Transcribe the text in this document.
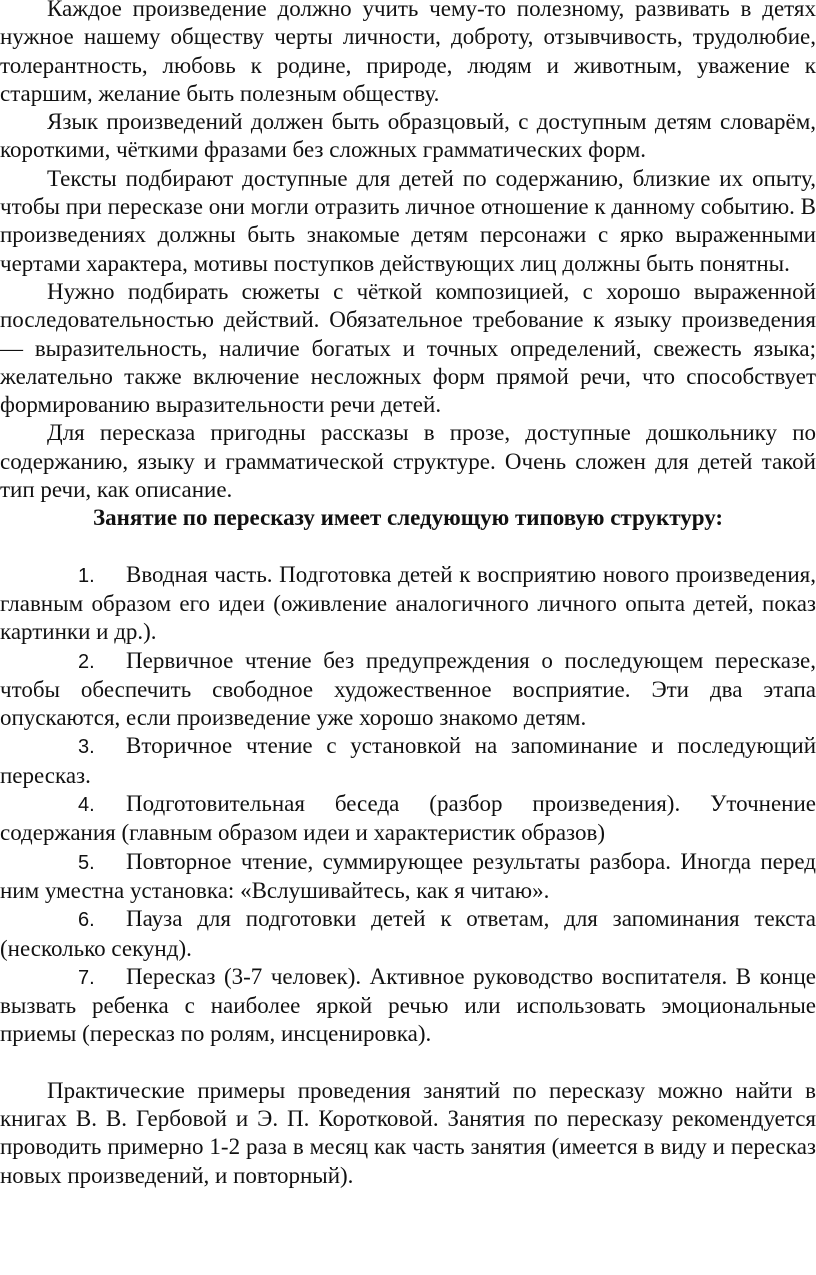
Каждое произведение должно учить чему-то полезному, развивать в детях нужное нашему обществу черты личности, доброту, отзывчивость, трудолюбие, толерантность, любовь к родине, природе, людям и животным, уважение к старшим, желание быть полезным обществу.

Язык произведений должен быть образцовый, с доступным детям словарём, короткими, чёткими фразами без сложных грамматических форм.

Тексты подбирают доступные для детей по содержанию, близкие их опыту, чтобы при пересказе они могли отразить личное отношение к данному событию. В произведениях должны быть знакомые детям персонажи с ярко выраженными чертами характера, мотивы поступков действующих лиц должны быть понятны.

Нужно подбирать сюжеты с чёткой композицией, с хорошо выраженной последовательностью действий. Обязательное требование к языку произведения — выразительность, наличие богатых и точных определений, свежесть языка; желательно также включение несложных форм прямой речи, что способствует формированию выразительности речи детей.

Для пересказа пригодны рассказы в прозе, доступные дошкольнику по содержанию, языку и грамматической структуре. Очень сложен для детей такой тип речи, как описание.

Занятие по пересказу имеет следующую типовую структуру:

1. Вводная часть. Подготовка детей к восприятию нового произведения, главным образом его идеи (оживление аналогичного личного опыта детей, показ картинки и др.).

2. Первичное чтение без предупреждения о последующем пересказе, чтобы обеспечить свободное художественное восприятие. Эти два этапа опускаются, если произведение уже хорошо знакомо детям.

3. Вторичное чтение с установкой на запоминание и последующий пересказ.

4. Подготовительная беседа (разбор произведения). Уточнение содержания (главным образом идеи и характеристик образов)

5. Повторное чтение, суммирующее результаты разбора. Иногда перед ним уместна установка: «Вслушивайтесь, как я читаю».

6. Пауза для подготовки детей к ответам, для запоминания текста (несколько секунд).

7. Пересказ (3-7 человек). Активное руководство воспитателя. В конце вызвать ребенка с наиболее яркой речью или использовать эмоциональные приемы (пересказ по ролям, инсценировка).

Практические примеры проведения занятий по пересказу можно найти в книгах В. В. Гербовой и Э. П. Коротковой. Занятия по пересказу рекомендуется проводить примерно 1-2 раза в месяц как часть занятия (имеется в виду и пересказ новых произведений, и повторный).
